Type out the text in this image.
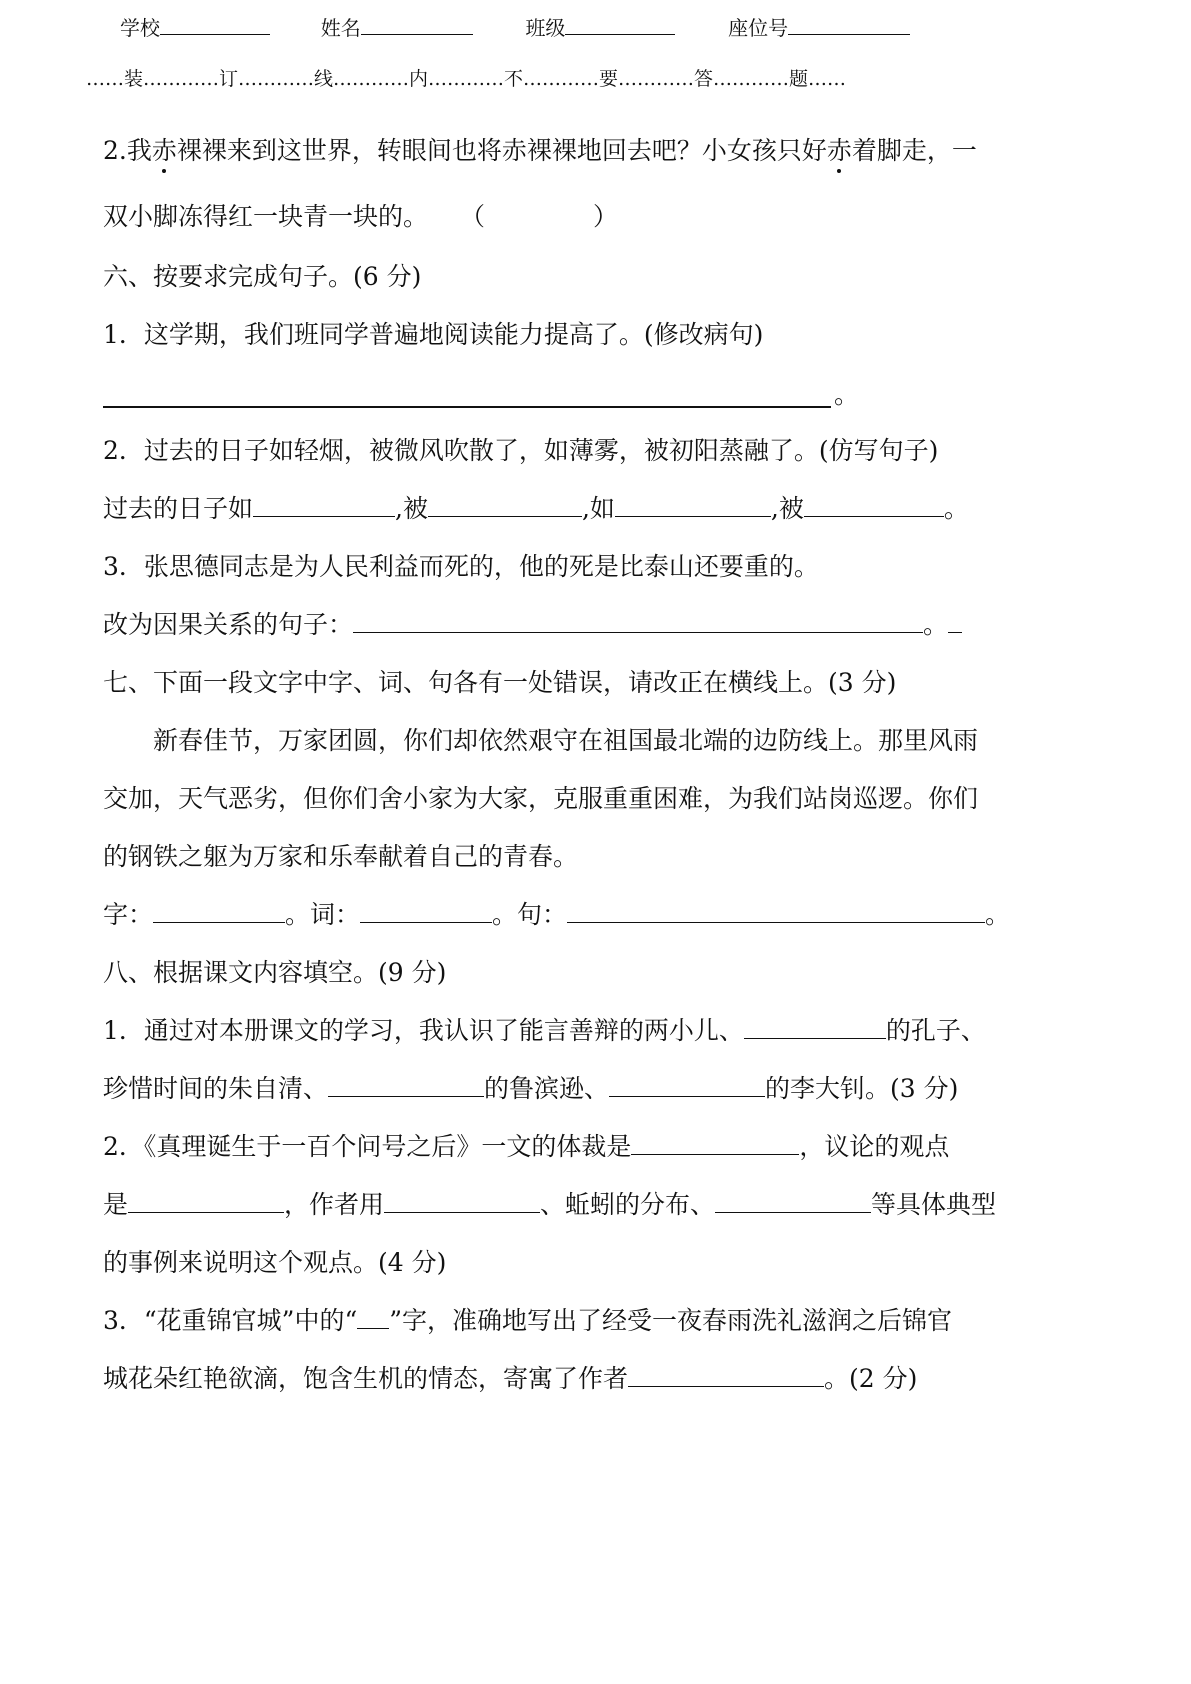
学校	姓名	班级	座位号
……装…………订…………线…………内…………不…………要…………答…………题……
2.我赤裸裸来到这世界，转眼间也将赤裸裸地回去吧？小女孩只好赤着脚走，一
双小脚冻得红一块青一块的。 （	）
六、按要求完成句子。(6 分)
1．这学期，我们班同学普遍地阅读能力提高了。(修改病句)
。
2．过去的日子如轻烟，被微风吹散了，如薄雾，被初阳蒸融了。(仿写句子)
过去的日子如	,被	,如	,被	。
3．张思德同志是为人民利益而死的，他的死是比泰山还要重的。
改为因果关系的句子：	。
七、下面一段文字中字、词、句各有一处错误，请改正在横线上。(3 分)
新春佳节，万家团圆，你们却依然艰守在祖国最北端的边防线上。那里风雨
交加，天气恶劣，但你们舍小家为大家，克服重重困难，为我们站岗巡逻。你们
的钢铁之躯为万家和乐奉献着自己的青春。
字：	。词：	。句：	。
八、根据课文内容填空。(9 分)
1．通过对本册课文的学习，我认识了能言善辩的两小儿、	的孔子、
珍惜时间的朱自清、	的鲁滨逊、	的李大钊。(3 分)
2．《真理诞生于一百个问号之后》一文的体裁是	，议论的观点
是	，作者用	、蚯蚓的分布、	等具体典型
的事例来说明这个观点。(4 分)
3．“花重锦官城”中的“ ”字，准确地写出了经受一夜春雨洗礼滋润之后锦官
城花朵红艳欲滴，饱含生机的情态，寄寓了作者	。(2 分)
